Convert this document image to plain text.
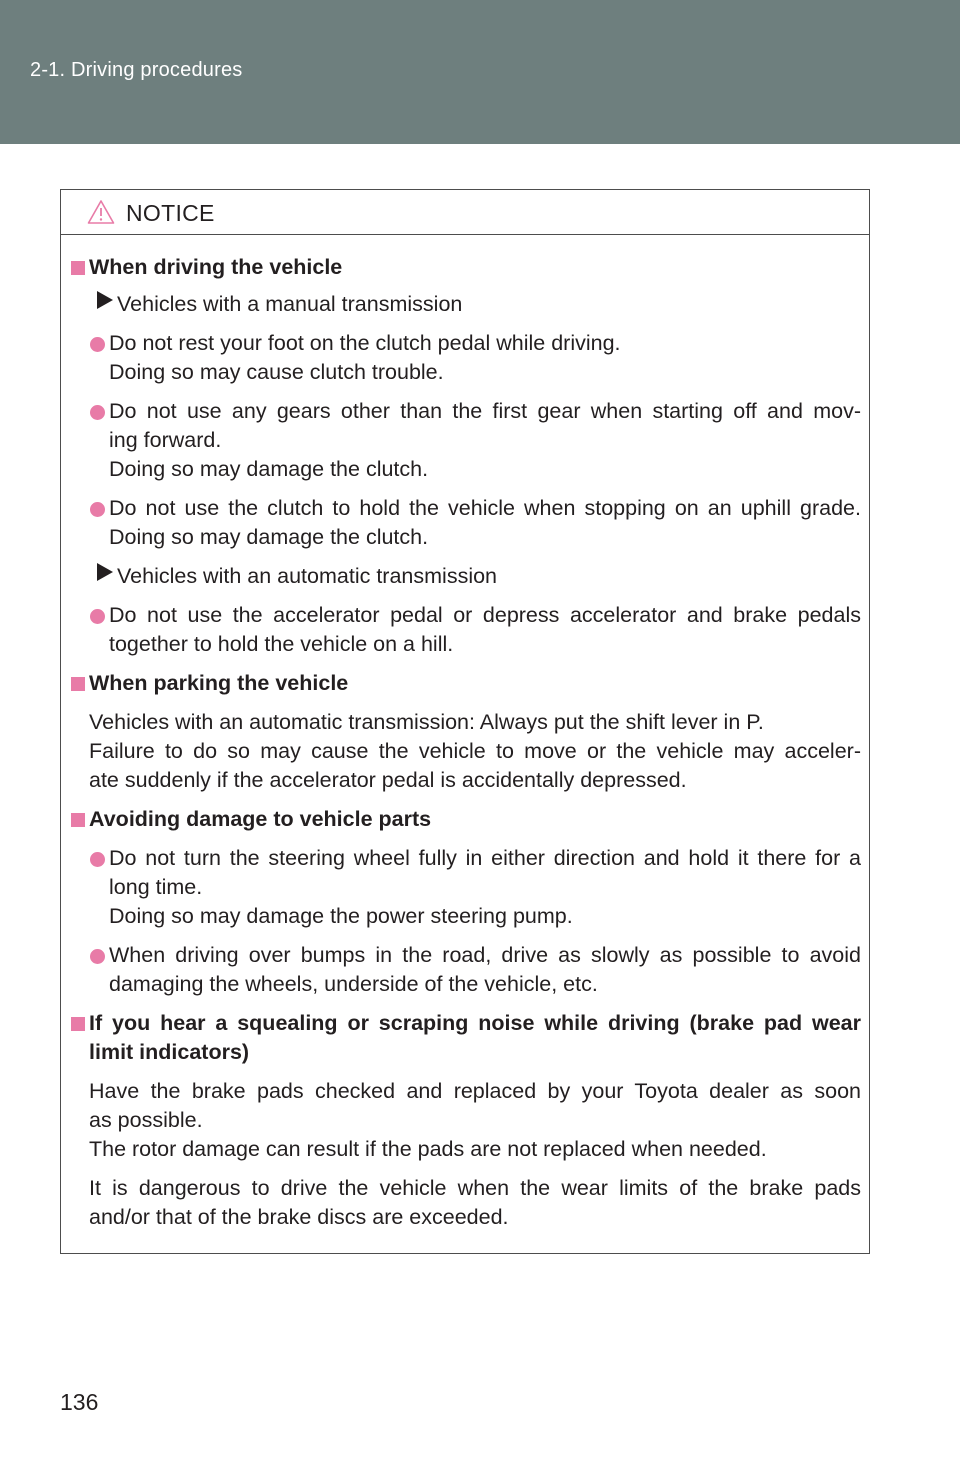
2-1. Driving procedures
NOTICE
When driving the vehicle
Vehicles with a manual transmission
Do not rest your foot on the clutch pedal while driving.
Doing so may cause clutch trouble.
Do not use any gears other than the first gear when starting off and mov-
ing forward.
Doing so may damage the clutch.
Do not use the clutch to hold the vehicle when stopping on an uphill grade.
Doing so may damage the clutch.
Vehicles with an automatic transmission
Do not use the accelerator pedal or depress accelerator and brake pedals
together to hold the vehicle on a hill.
When parking the vehicle
Vehicles with an automatic transmission: Always put the shift lever in P.
Failure to do so may cause the vehicle to move or the vehicle may acceler-
ate suddenly if the accelerator pedal is accidentally depressed.
Avoiding damage to vehicle parts
Do not turn the steering wheel fully in either direction and hold it there for a
long time.
Doing so may damage the power steering pump.
When driving over bumps in the road, drive as slowly as possible to avoid
damaging the wheels, underside of the vehicle, etc.
If you hear a squealing or scraping noise while driving (brake pad wear
limit indicators)
Have the brake pads checked and replaced by your Toyota dealer as soon
as possible.
The rotor damage can result if the pads are not replaced when needed.
It is dangerous to drive the vehicle when the wear limits of the brake pads
and/or that of the brake discs are exceeded.
136
